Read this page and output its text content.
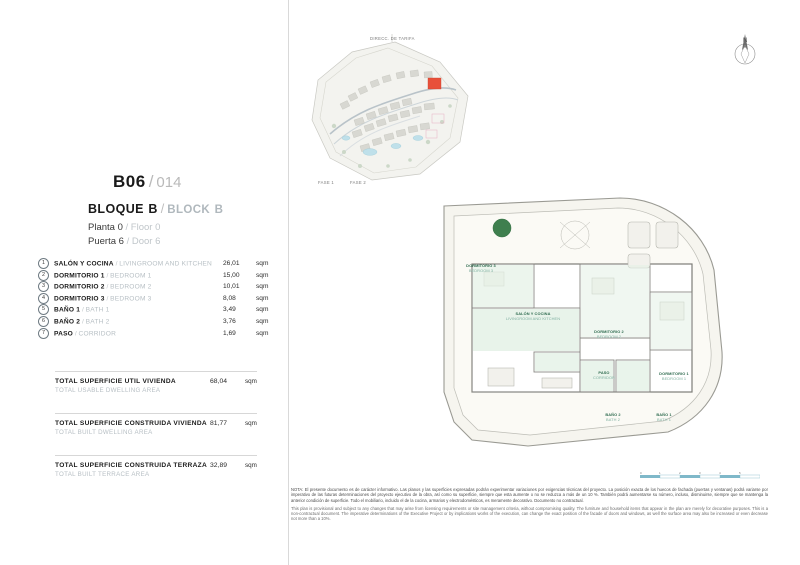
B06 / 014
BLOQUE B / BLOCK B
Planta 0 / Floor 0
Puerta 6 / Door 6
1 SALÓN Y COCINA / LIVINGROOM AND KITCHEN 26,01 sqm
2 DORMITORIO 1 / BEDROOM 1	15,00 sqm
3 DORMITORIO 2 / BEDROOM 2	10,01 sqm
4 DORMITORIO 3 / BEDROOM 3	8,08	sqm
5 BAÑO 1 / BATH 1	3,49	sqm
6 BAÑO 2 / BATH 2	3,76	sqm
7 PASO / CORRIDOR	1,69	sqm
TOTAL SUPERFICIE UTIL VIVIENDA
TOTAL USABLE DWELLING AREA
68,04	sqm
TOTAL SUPERFICIE CONSTRUIDA VIVIENDA
TOTAL BUILT DWELLING AREA
81,77	sqm
TOTAL SUPERFICIE CONSTRUIDA TERRAZA
TOTAL BUILT TERRACE AREA
32,89	sqm
DIRECC. DE TARIFA
FASE 1	FASE 2
N
DORMITORIO 3
BEDROOM 3
SALÓN Y COCINA
LIVINGROOM AND KITCHEN
DORMITORIO 2
BEDROOM 2
DORMITORIO 1
BEDROOM 1
PASO
CORRIDOR
BAÑO 2
BATH 2
BAÑO 1
BATH 1
0	1	2	3	4	5
NOTA: El presente documento es de carácter informativo. Las planos y las superficies expresadas podrán experimentar variaciones por exigencias técnicas del proyecto. La posición exacta de los huecos de fachada (puertas y ventanas) podrá variarse por imperativo de las futuras determinaciones del proyecto ejecutivo de la obra, así como su superficie, siempre que esta aumente o no se reduzca a más de un 10 %. También podrá aumentarse su número, incluso, disminuirse, siempre que se mantenga la anterior condición de superficie. Todo el mobiliario, incluido el de la cocina, armarios y electrodomésticos, es meramente decorativo. Documento no contractual.
This plan is provisional and subject to any changes that may arise from licensing requirements or site management criteria, without compromising quality. The furniture and household items that appear in the plan are merely for decorative purposes. This is a non-contractual document. The imperative determinations of the Executive Project or by implications works of the execution, can change the exact position of the facade of doors and windows, as well the surface area may also be increased or even decrease not more than a 10%.
